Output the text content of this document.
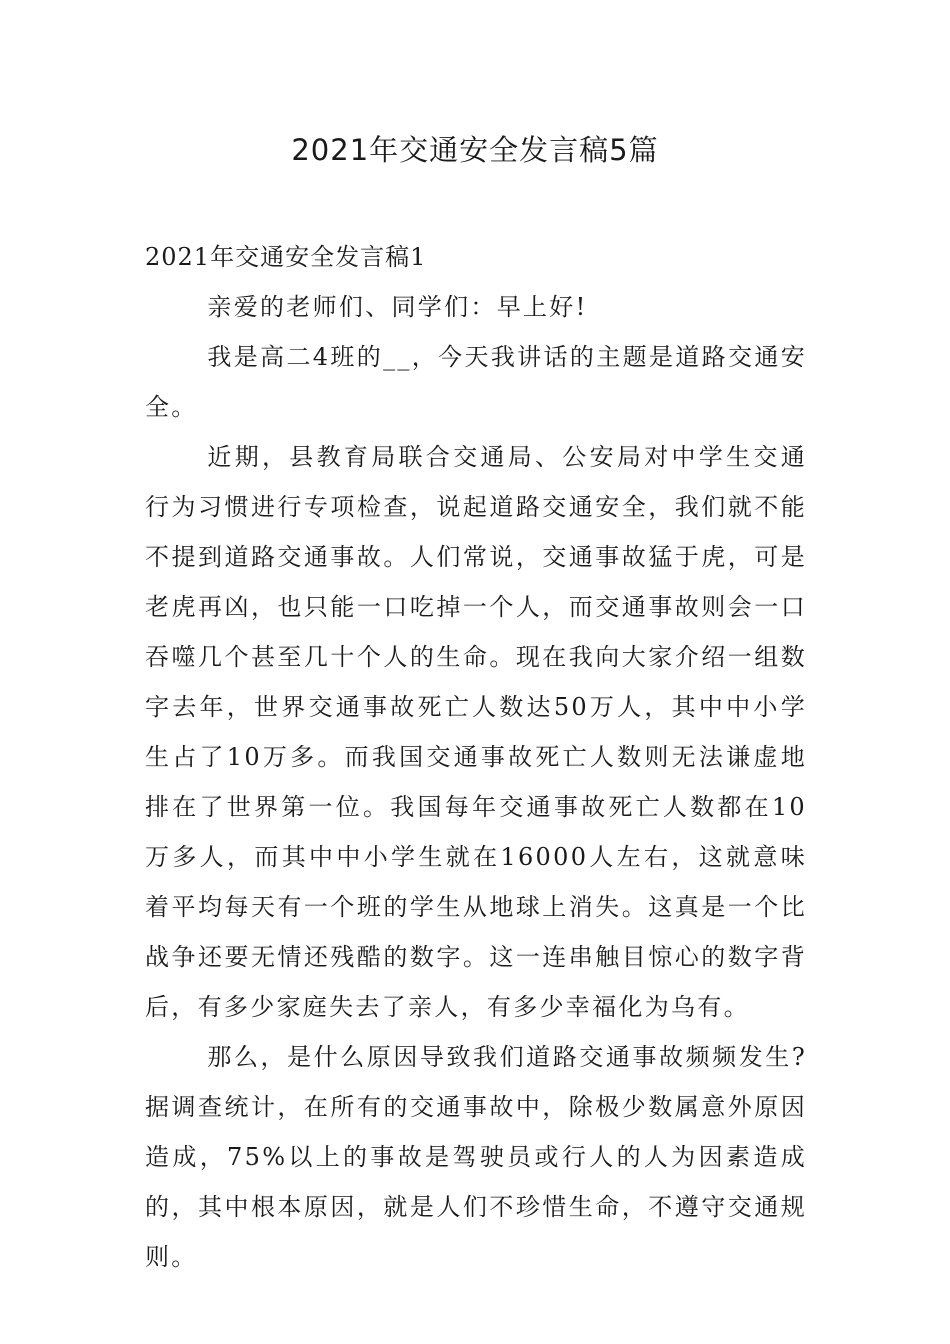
2021年交通安全发言稿5篇
2021年交通安全发言稿1

亲爱的老师们、同学们：早上好!

我是高二4班的__，今天我讲话的主题是道路交通安全。

近期，县教育局联合交通局、公安局对中学生交通行为习惯进行专项检查，说起道路交通安全，我们就不能不提到道路交通事故。人们常说，交通事故猛于虎，可是老虎再凶，也只能一口吃掉一个人，而交通事故则会一口吞噬几个甚至几十个人的生命。现在我向大家介绍一组数字去年，世界交通事故死亡人数达50万人，其中中小学生占了10万多。而我国交通事故死亡人数则无法谦虚地排在了世界第一位。我国每年交通事故死亡人数都在10万多人，而其中中小学生就在16000人左右，这就意味着平均每天有一个班的学生从地球上消失。这真是一个比战争还要无情还残酷的数字。这一连串触目惊心的数字背后，有多少家庭失去了亲人，有多少幸福化为乌有。

那么，是什么原因导致我们道路交通事故频频发生?据调查统计，在所有的交通事故中，除极少数属意外原因造成，75%以上的事故是驾驶员或行人的人为因素造成的，其中根本原因，就是人们不珍惜生命，不遵守交通规则。
